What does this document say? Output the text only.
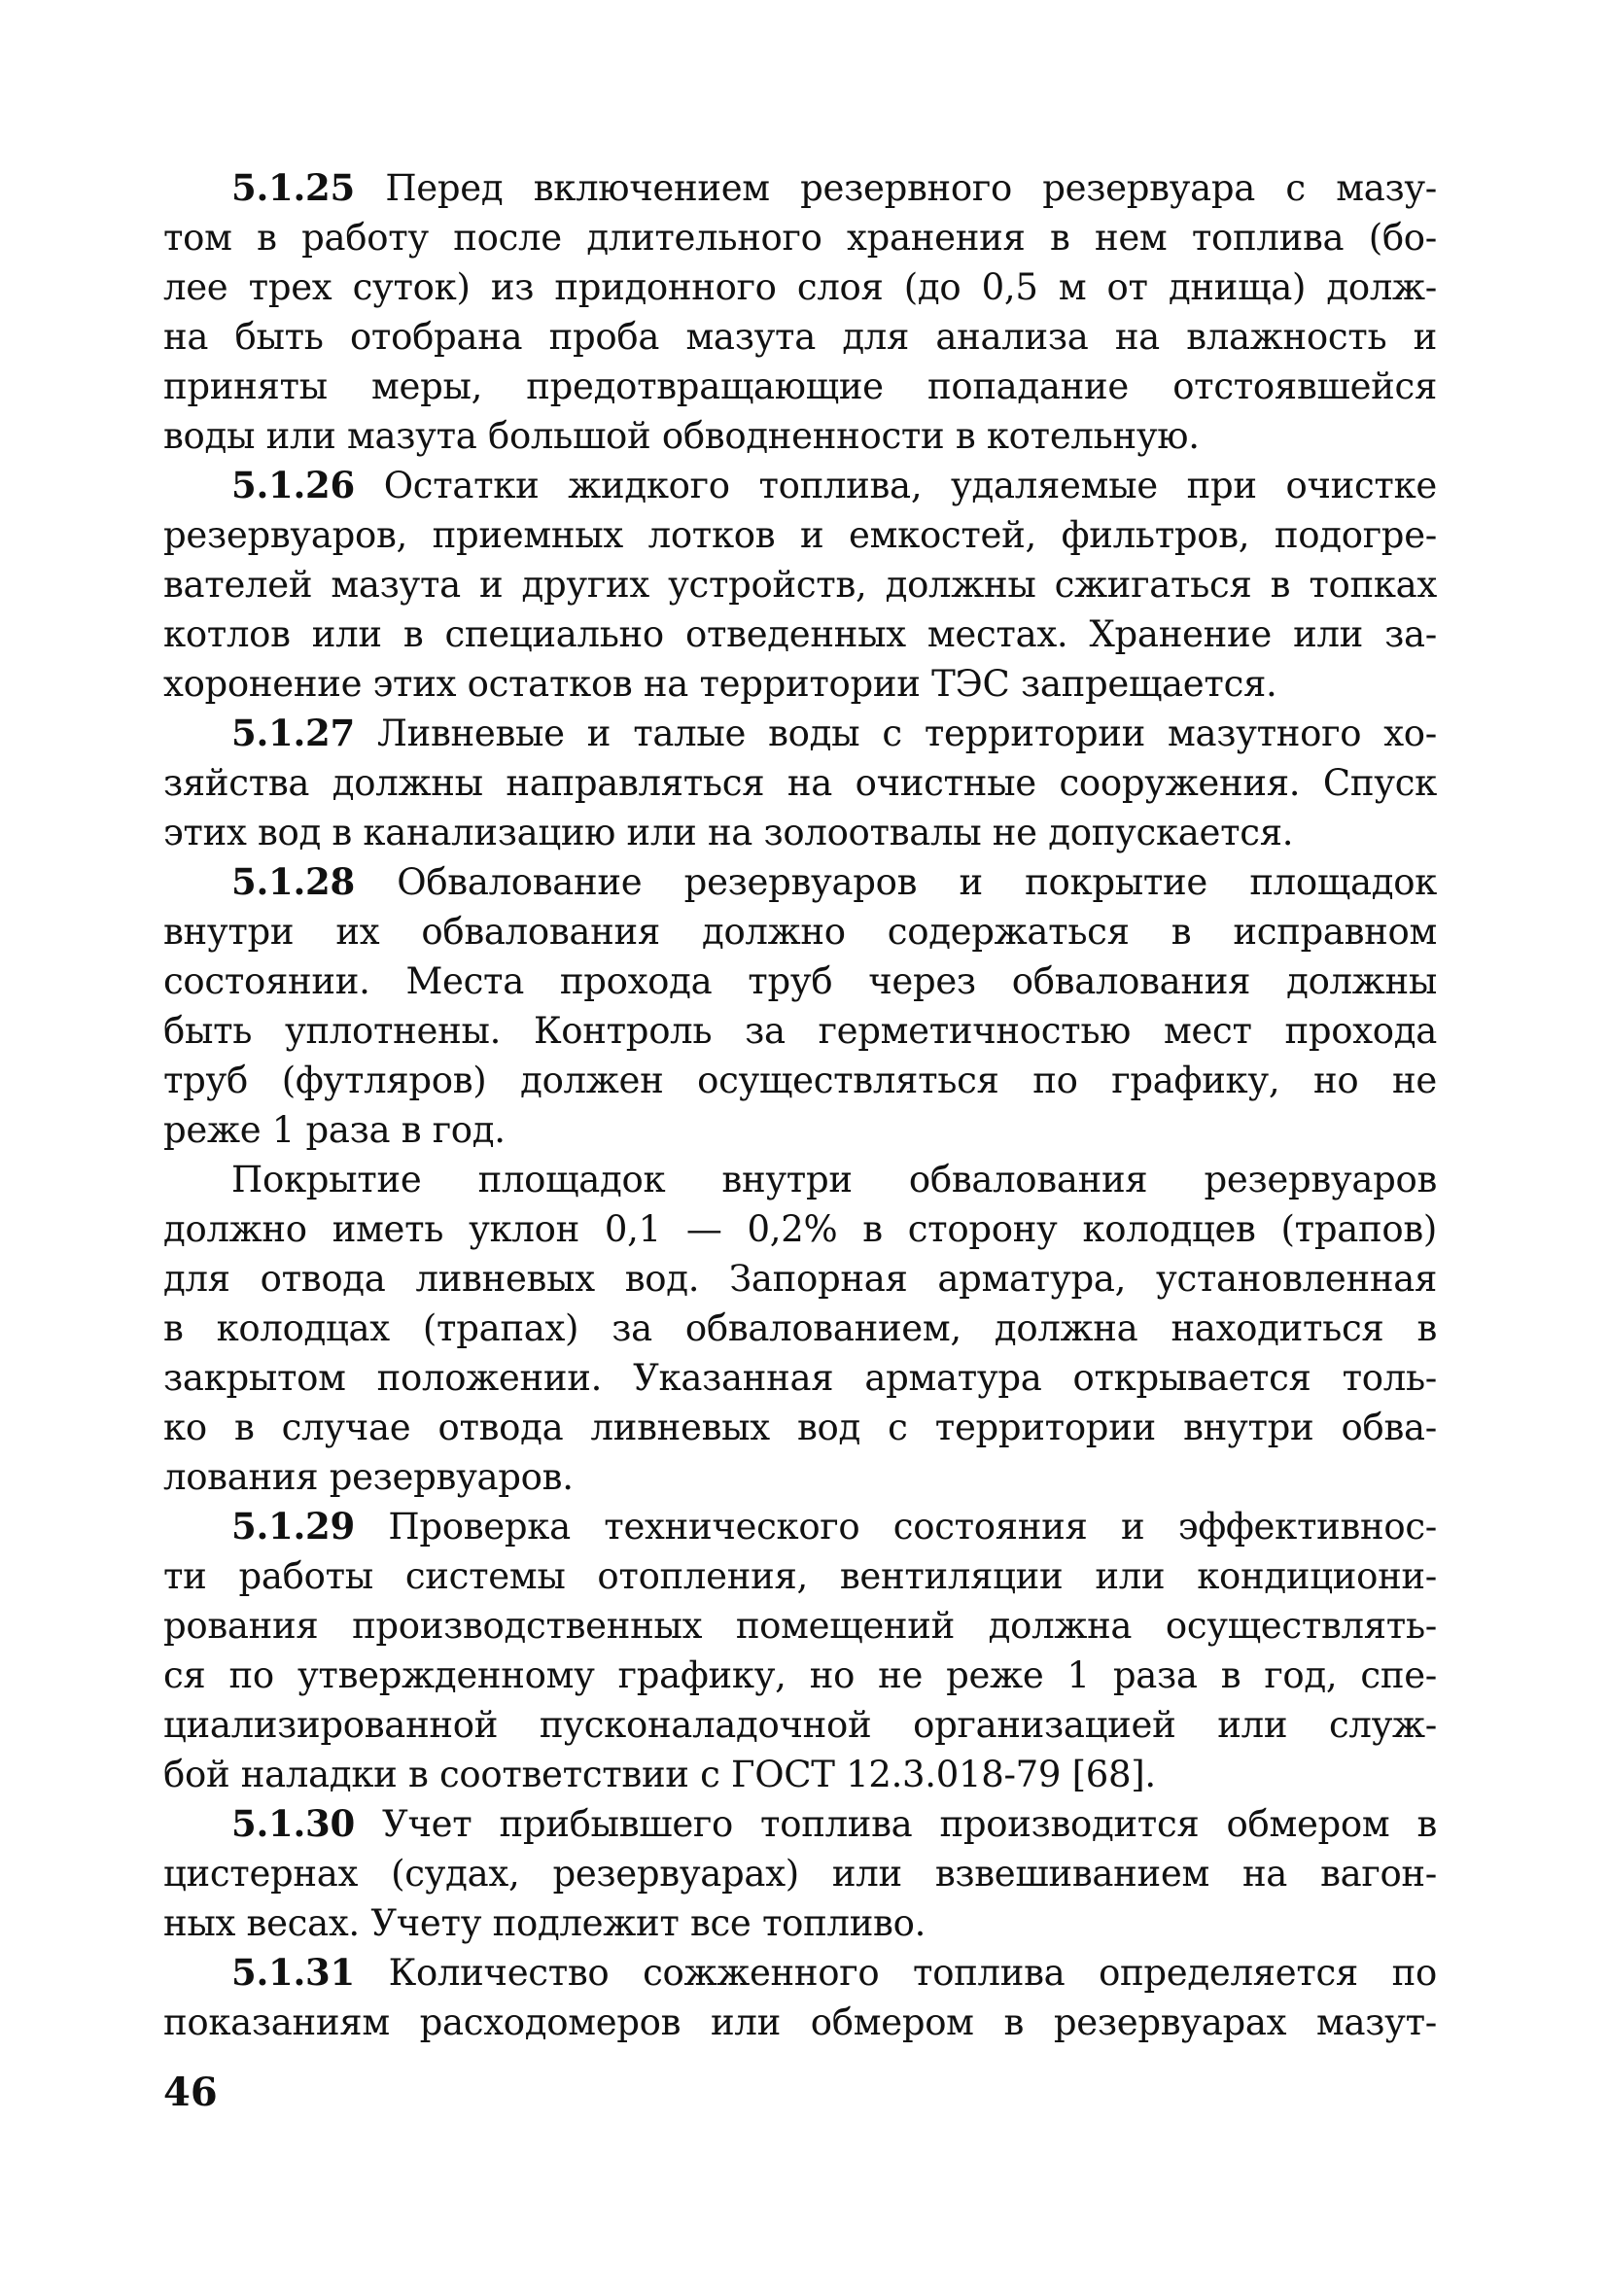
5.1.25 Перед включением резервного резервуара с мазу-
том в работу после длительного хранения в нем топлива (бо-
лее трех суток) из придонного слоя (до 0,5 м от днища) долж-
на быть отобрана проба мазута для анализа на влажность и
приняты меры, предотвращающие попадание отстоявшейся
воды или мазута большой обводненности в котельную.
5.1.26 Остатки жидкого топлива, удаляемые при очистке
резервуаров, приемных лотков и емкостей, фильтров, подогре-
вателей мазута и других устройств, должны сжигаться в топках
котлов или в специально отведенных местах. Хранение или за-
хоронение этих остатков на территории ТЭС запрещается.
5.1.27 Ливневые и талые воды с территории мазутного хо-
зяйства должны направляться на очистные сооружения. Спуск
этих вод в канализацию или на золоотвалы не допускается.
5.1.28 Обвалование резервуаров и покрытие площадок
внутри их обвалования должно содержаться в исправном
состоянии. Места прохода труб через обвалования должны
быть уплотнены. Контроль за герметичностью мест прохода
труб (футляров) должен осуществляться по графику, но не
реже 1 раза в год.
Покрытие площадок внутри обвалования резервуаров
должно иметь уклон 0,1 — 0,2% в сторону колодцев (трапов)
для отвода ливневых вод. Запорная арматура, установленная
в колодцах (трапах) за обвалованием, должна находиться в
закрытом положении. Указанная арматура открывается толь-
ко в случае отвода ливневых вод с территории внутри обва-
лования резервуаров.
5.1.29 Проверка технического состояния и эффективнос-
ти работы системы отопления, вентиляции или кондициони-
рования производственных помещений должна осуществлять-
ся по утвержденному графику, но не реже 1 раза в год, спе-
циализированной пусконаладочной организацией или служ-
бой наладки в соответствии с ГОСТ 12.3.018-79 [68].
5.1.30 Учет прибывшего топлива производится обмером в
цистернах (судах, резервуарах) или взвешиванием на вагон-
ных весах. Учету подлежит все топливо.
5.1.31 Количество сожженного топлива определяется по
показаниям расходомеров или обмером в резервуарах мазут-
46
